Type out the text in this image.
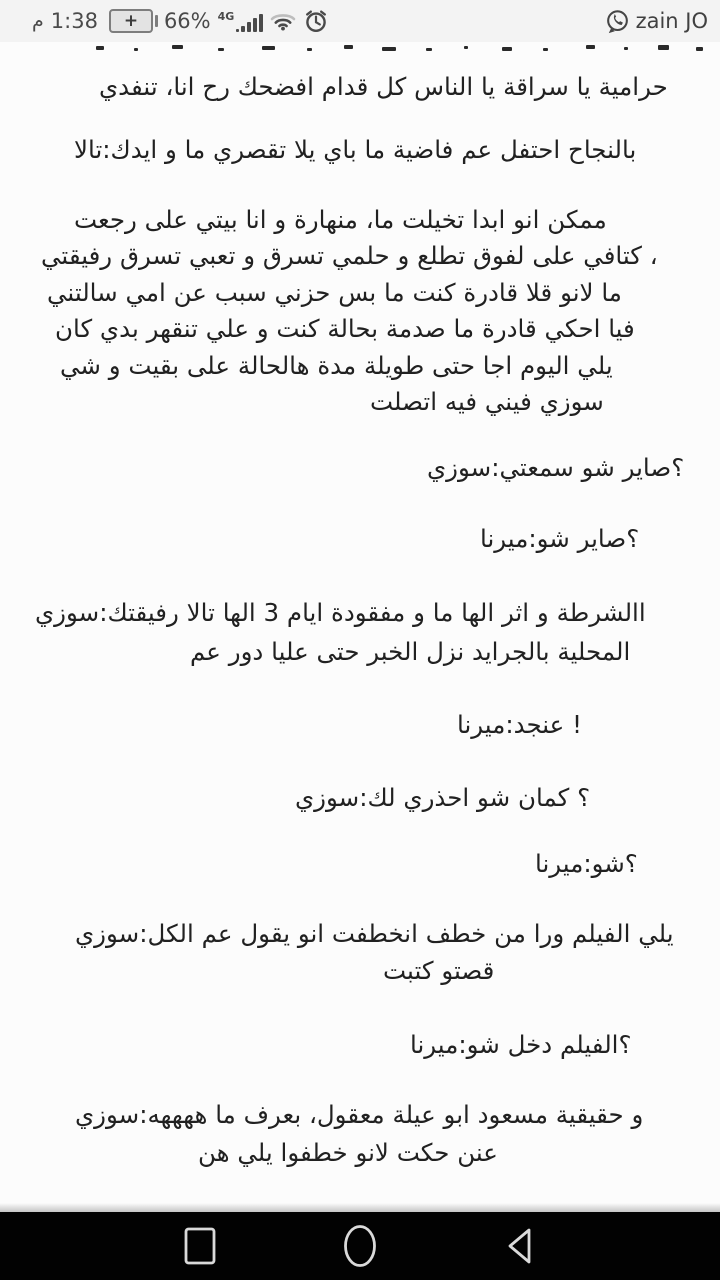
م 1:38 + 66% 4G	zain JO
تنفدي ،انا رح افضحك قدام كل الناس يا سراقة يا حرامية
تالا:ايدك و ما تقصري يلا باي ما فاضية عم احتفل بالنجاح
رجعت على بيتي انا و منهارة ،ما تخيلت ابدا انو ممكن
رفيقتي تسرق تعبي و تسرق حلمي و تطلع لفوق على كتافي ،
سالتني امي عن سبب حزني بس ما كنت قادرة قلا لانو ما
كان بدي تنقهر علي و كنت بحالة صدمة ما قادرة احكي فيا
شي و بقيت على هالحالة مدة طويلة حتى اجا اليوم يلي
اتصلت فيه فيني سوزي
سوزي:سمعتي شو صاير؟
ميرنا:شو صاير؟
سوزي:رفيقتك تالا الها 3 ايام مفقودة و ما الها اثر و االشرطة
عم دور عليا حتى الخبر نزل بالجرايد المحلية
ميرنا:عنجد !
سوزي:لك احذري شو كمان ؟
ميرنا:شو؟
سوزي:الكل عم يقول انو انخطفت خطف من ورا الفيلم يلي
كتبت قصتو
ميرنا:شو دخل الفيلم؟
سوزي:ههههه ما بعرف ،معقول عيلة ابو مسعود حقيقية و
هن يلي خطفوا لانو حكت عنن
